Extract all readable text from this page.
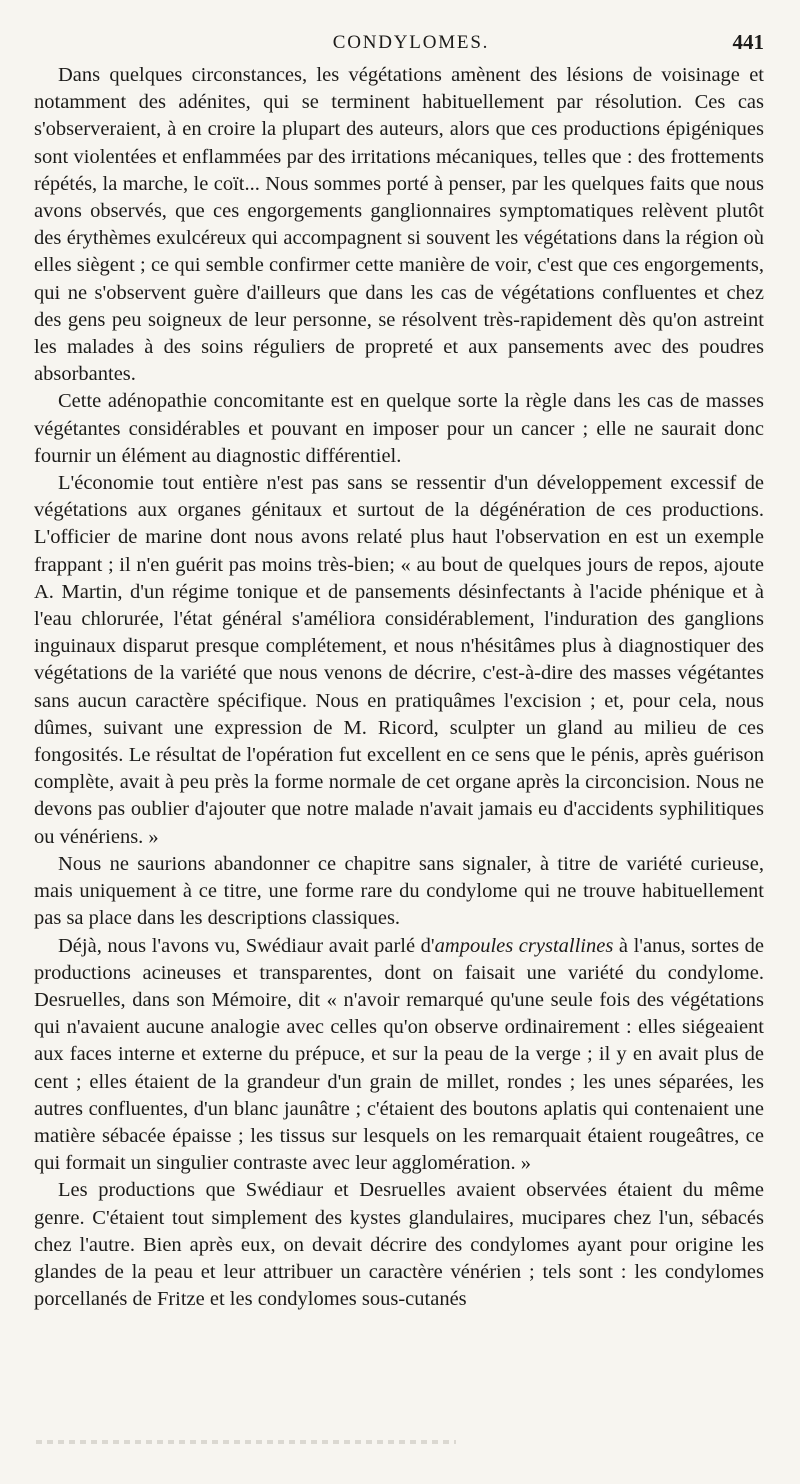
CONDYLOMES.	441

Dans quelques circonstances, les végétations amènent des lésions de voisinage et notamment des adénites, qui se terminent habituellement par résolution. Ces cas s'observeraient, à en croire la plupart des auteurs, alors que ces productions épigéniques sont violentées et enflammées par des irritations mécaniques, telles que : des frottements répétés, la marche, le coït... Nous sommes porté à penser, par les quelques faits que nous avons observés, que ces engorgements ganglionnaires symptomatiques relèvent plutôt des érythèmes exulcéreux qui accompagnent si souvent les végétations dans la région où elles siègent ; ce qui semble confirmer cette manière de voir, c'est que ces engorgements, qui ne s'observent guère d'ailleurs que dans les cas de végétations confluentes et chez des gens peu soigneux de leur personne, se résolvent très-rapidement dès qu'on astreint les malades à des soins réguliers de propreté et aux pansements avec des poudres absorbantes.

Cette adénopathie concomitante est en quelque sorte la règle dans les cas de masses végétantes considérables et pouvant en imposer pour un cancer ; elle ne saurait donc fournir un élément au diagnostic différentiel.

L'économie tout entière n'est pas sans se ressentir d'un développement excessif de végétations aux organes génitaux et surtout de la dégénération de ces productions. L'officier de marine dont nous avons relaté plus haut l'observation en est un exemple frappant ; il n'en guérit pas moins très-bien; « au bout de quelques jours de repos, ajoute A. Martin, d'un régime tonique et de pansements désinfectants à l'acide phénique et à l'eau chlorurée, l'état général s'améliora considérablement, l'induration des ganglions inguinaux disparut presque complétement, et nous n'hésitâmes plus à diagnostiquer des végétations de la variété que nous venons de décrire, c'est-à-dire des masses végétantes sans aucun caractère spécifique. Nous en pratiquâmes l'excision ; et, pour cela, nous dûmes, suivant une expression de M. Ricord, sculpter un gland au milieu de ces fongosités. Le résultat de l'opération fut excellent en ce sens que le pénis, après guérison complète, avait à peu près la forme normale de cet organe après la circoncision. Nous ne devons pas oublier d'ajouter que notre malade n'avait jamais eu d'accidents syphilitiques ou vénériens. »

Nous ne saurions abandonner ce chapitre sans signaler, à titre de variété curieuse, mais uniquement à ce titre, une forme rare du condylome qui ne trouve habituellement pas sa place dans les descriptions classiques.

Déjà, nous l'avons vu, Swédiaur avait parlé d'ampoules crystallines à l'anus, sortes de productions acineuses et transparentes, dont on faisait une variété du condylome. Desruelles, dans son Mémoire, dit « n'avoir remarqué qu'une seule fois des végétations qui n'avaient aucune analogie avec celles qu'on observe ordinairement : elles siégeaient aux faces interne et externe du prépuce, et sur la peau de la verge ; il y en avait plus de cent ; elles étaient de la grandeur d'un grain de millet, rondes ; les unes séparées, les autres confluentes, d'un blanc jaunâtre ; c'étaient des boutons aplatis qui contenaient une matière sébacée épaisse ; les tissus sur lesquels on les remarquait étaient rougeâtres, ce qui formait un singulier contraste avec leur agglomération. »

Les productions que Swédiaur et Desruelles avaient observées étaient du même genre. C'étaient tout simplement des kystes glandulaires, mucipares chez l'un, sébacés chez l'autre. Bien après eux, on devait décrire des condylomes ayant pour origine les glandes de la peau et leur attribuer un caractère vénérien ; tels sont : les condylomes porcellanés de Fritze et les condylomes sous-cutanés
